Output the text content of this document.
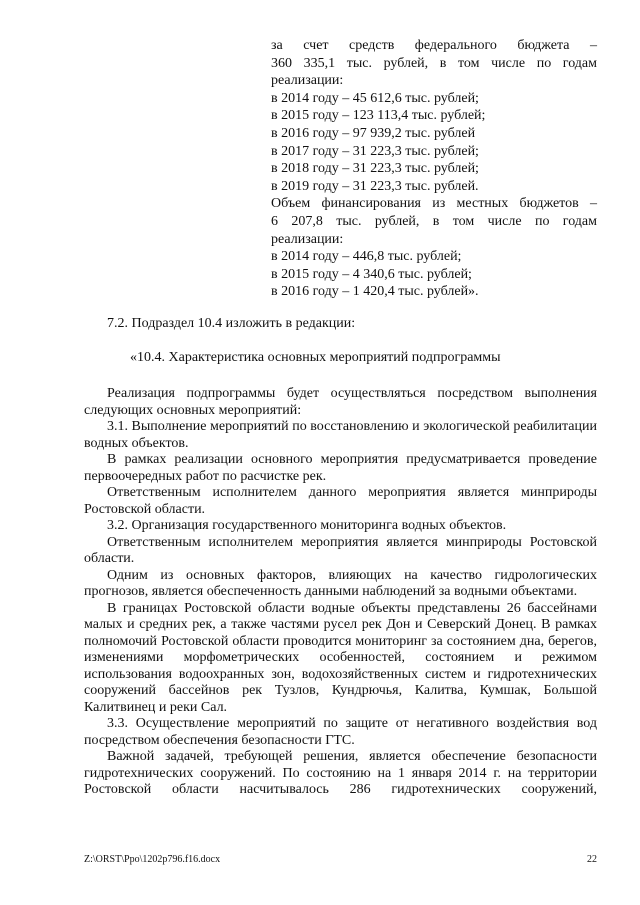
за счет средств федерального бюджета –
360 335,1 тыс. рублей, в том числе по годам
реализации:
в 2014 году – 45 612,6 тыс. рублей;
в 2015 году – 123 113,4 тыс. рублей;
в 2016 году – 97 939,2 тыс. рублей
в 2017 году – 31 223,3 тыс. рублей;
в 2018 году – 31 223,3 тыс. рублей;
в 2019 году – 31 223,3 тыс. рублей.
Объем финансирования из местных бюджетов –
6 207,8 тыс. рублей, в том числе по годам
реализации:
в 2014 году – 446,8 тыс. рублей;
в 2015 году – 4 340,6 тыс. рублей;
в 2016 году – 1 420,4 тыс. рублей».
7.2. Подраздел 10.4 изложить в редакции:
«10.4. Характеристика основных мероприятий подпрограммы
Реализация подпрограммы будет осуществляться посредством выполнения следующих основных мероприятий:
3.1. Выполнение мероприятий по восстановлению и экологической реабилитации водных объектов.
В рамках реализации основного мероприятия предусматривается проведение первоочередных работ по расчистке рек.
Ответственным исполнителем данного мероприятия является минприроды Ростовской области.
3.2. Организация государственного мониторинга водных объектов.
Ответственным исполнителем мероприятия является минприроды Ростовской области.
Одним из основных факторов, влияющих на качество гидрологических прогнозов, является обеспеченность данными наблюдений за водными объектами.
В границах Ростовской области водные объекты представлены 26 бассейнами малых и средних рек, а также частями русел рек Дон и Северский Донец. В рамках полномочий Ростовской области проводится мониторинг за состоянием дна, берегов, изменениями морфометрических особенностей, состоянием и режимом использования водоохранных зон, водохозяйственных систем и гидротехнических сооружений бассейнов рек Тузлов, Кундрючья, Калитва, Кумшак, Большой Калитвинец и реки Сал.
3.3. Осуществление мероприятий по защите от негативного воздействия вод посредством обеспечения безопасности ГТС.
Важной задачей, требующей решения, является обеспечение безопасности гидротехнических сооружений. По состоянию на 1 января 2014 г. на территории Ростовской области насчитывалось 286 гидротехнических сооружений,
Z:\ORST\Ppo\1202p796.f16.docx	22
